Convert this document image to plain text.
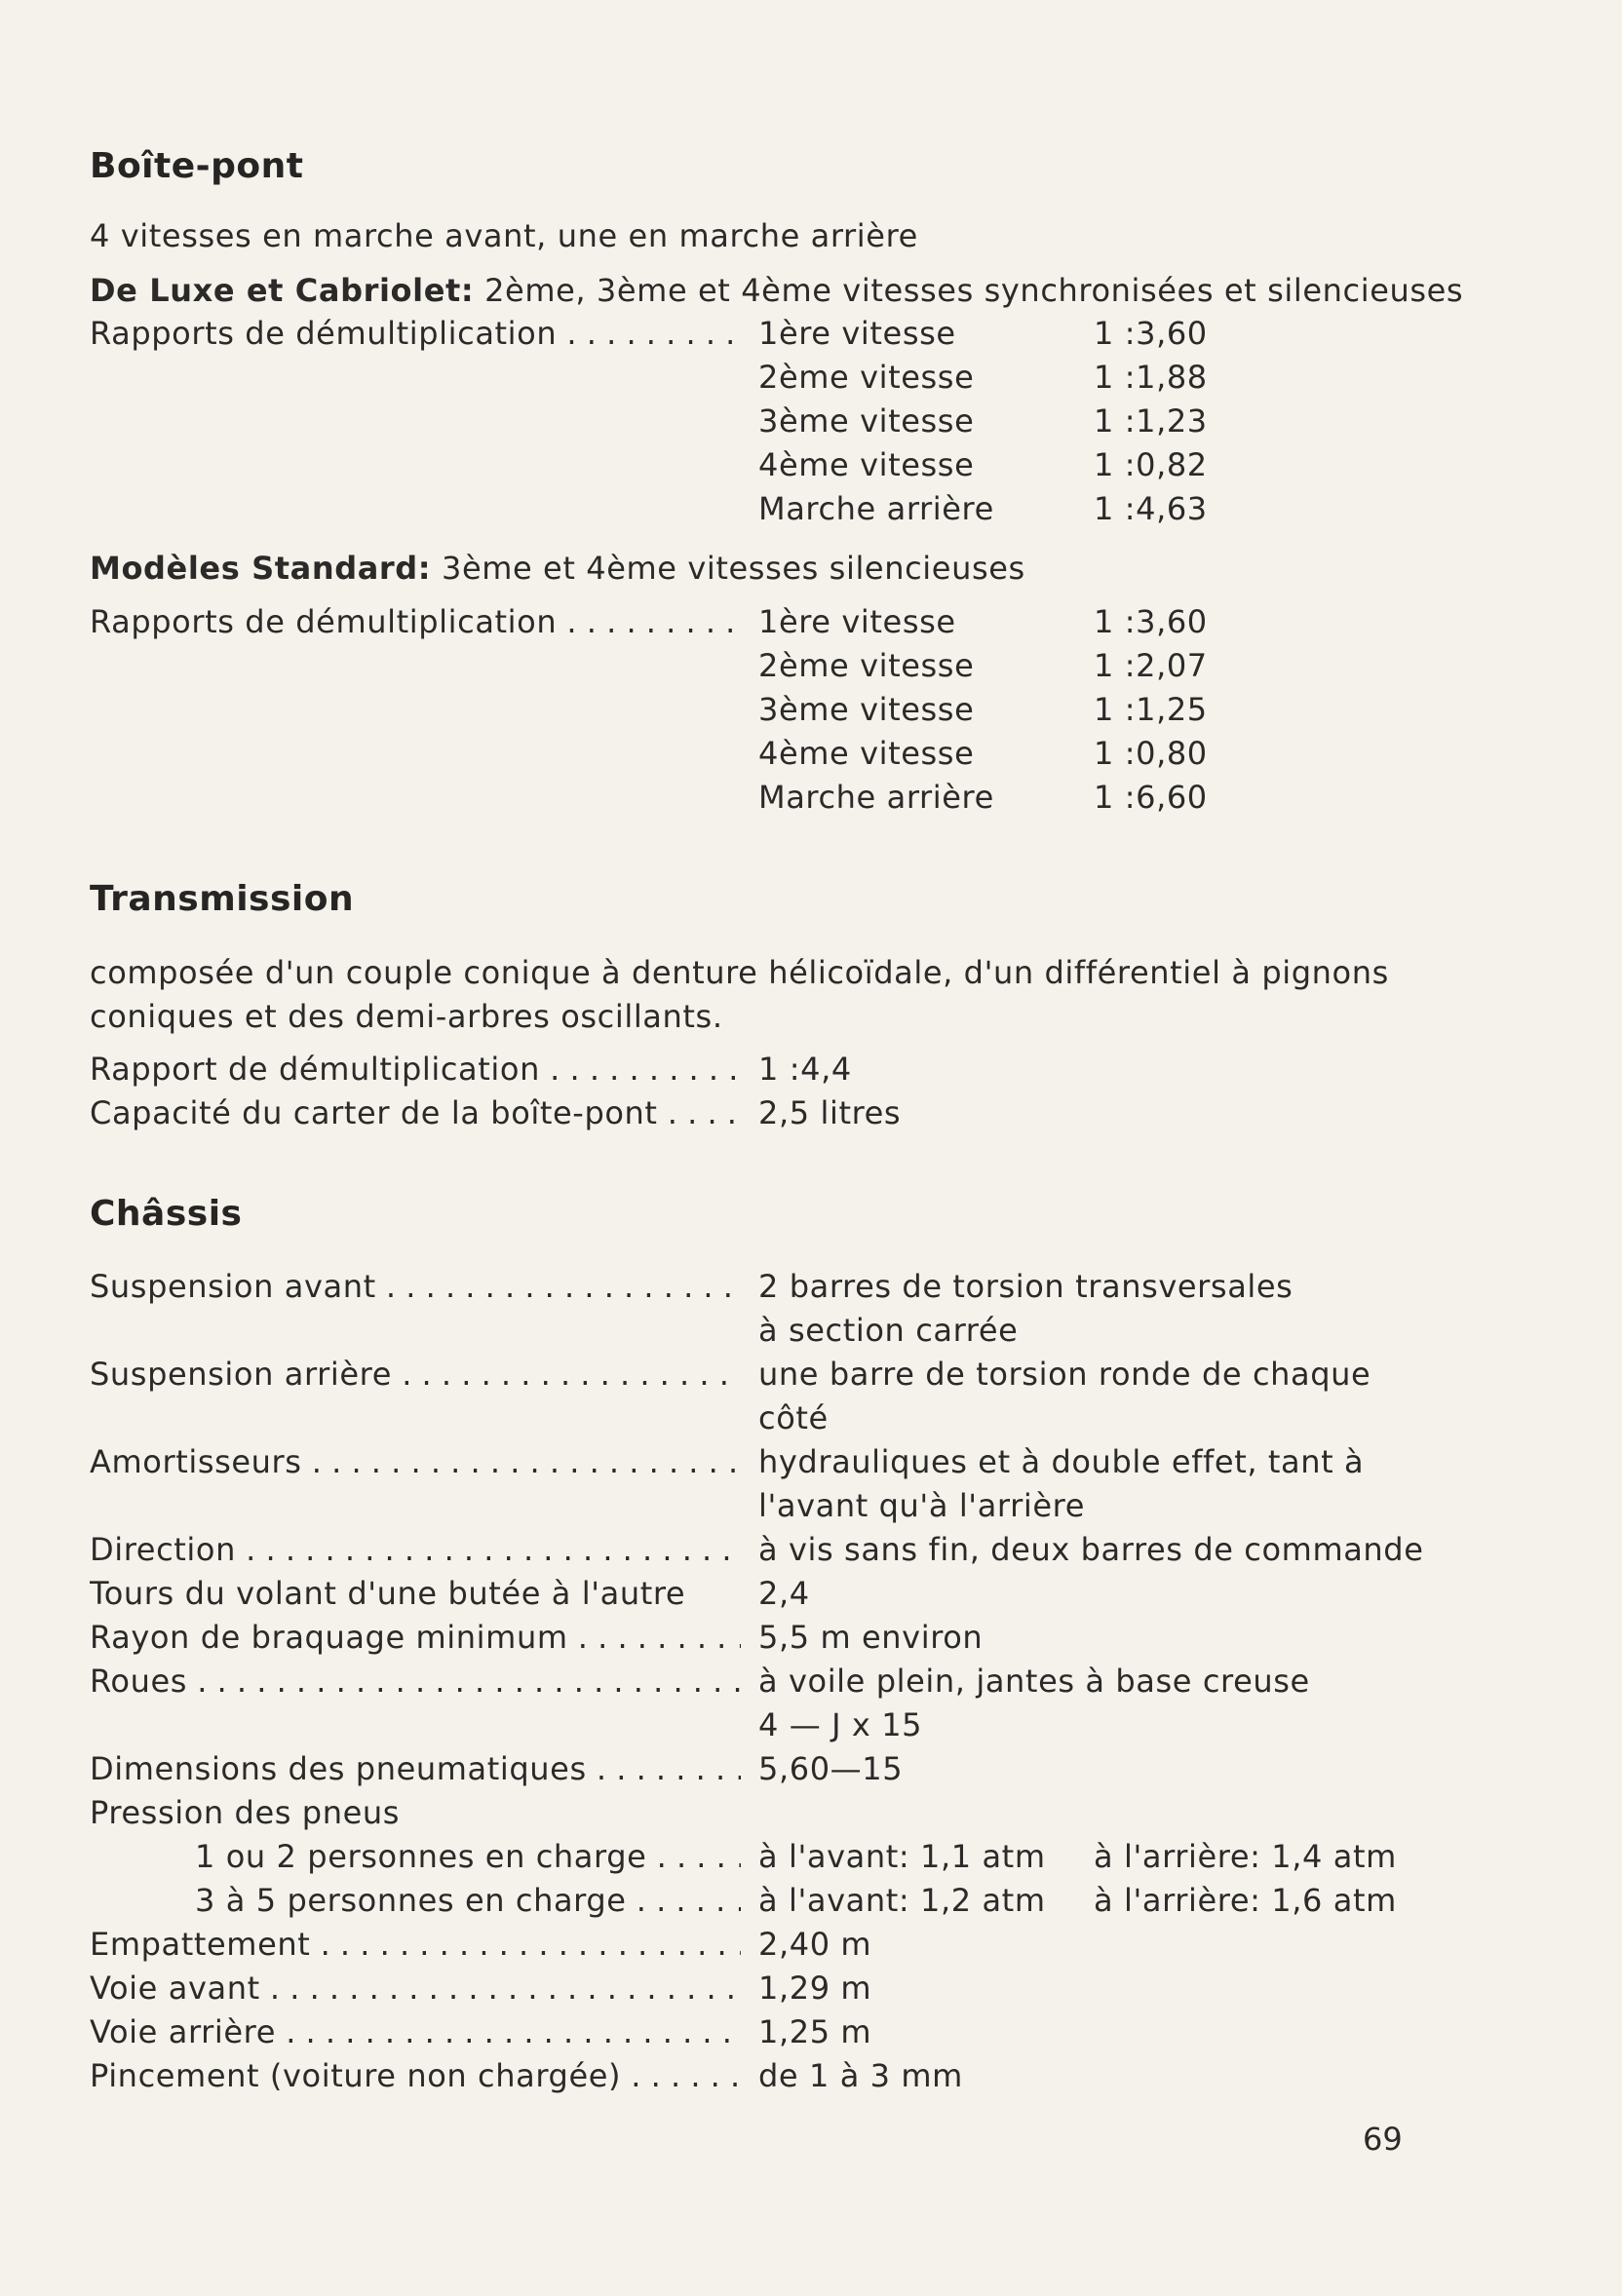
Boîte-pont
4 vitesses en marche avant, une en marche arrière
De Luxe et Cabriolet: 2ème, 3ème et 4ème vitesses synchronisées et silencieuses
Rapports de démultiplication . . .	1ère vitesse	1 :3,60
2ème vitesse	1 :1,88
3ème vitesse	1 :1,23
4ème vitesse	1 :0,82
Marche arrière	1 :4,63
Modèles Standard: 3ème et 4ème vitesses silencieuses
Rapports de démultiplication . . .	1ère vitesse	1 :3,60
2ème vitesse	1 :2,07
3ème vitesse	1 :1,25
4ème vitesse	1 :0,80
Marche arrière	1 :6,60
Transmission
composée d'un couple conique à denture hélicoïdale, d'un différentiel à pignons
coniques et des demi-arbres oscillants.
Rapport de démultiplication . . .	1 :4,4
Capacité du carter de la boîte-pont . . .	2,5 litres
Châssis
Suspension avant . . .	2 barres de torsion transversales
à section carrée
Suspension arrière . . .	une barre de torsion ronde de chaque
côté
Amortisseurs . . .	hydrauliques et à double effet, tant à
l'avant qu'à l'arrière
Direction . . .	à vis sans fin, deux barres de commande
Tours du volant d'une butée à l'autre	2,4
Rayon de braquage minimum . . .	5,5 m environ
Roues . . .	à voile plein, jantes à base creuse
4 — J x 15
Dimensions des pneumatiques . . .	5,60—15
Pression des pneus
1 ou 2 personnes en charge . . .	à l'avant: 1,1 atm à l'arrière: 1,4 atm
3 à 5 personnes en charge . . .	à l'avant: 1,2 atm à l'arrière: 1,6 atm
Empattement . . .	2,40 m
Voie avant . . .	1,29 m
Voie arrière . . .	1,25 m
Pincement (voiture non chargée) . . .	de 1 à 3 mm
69
